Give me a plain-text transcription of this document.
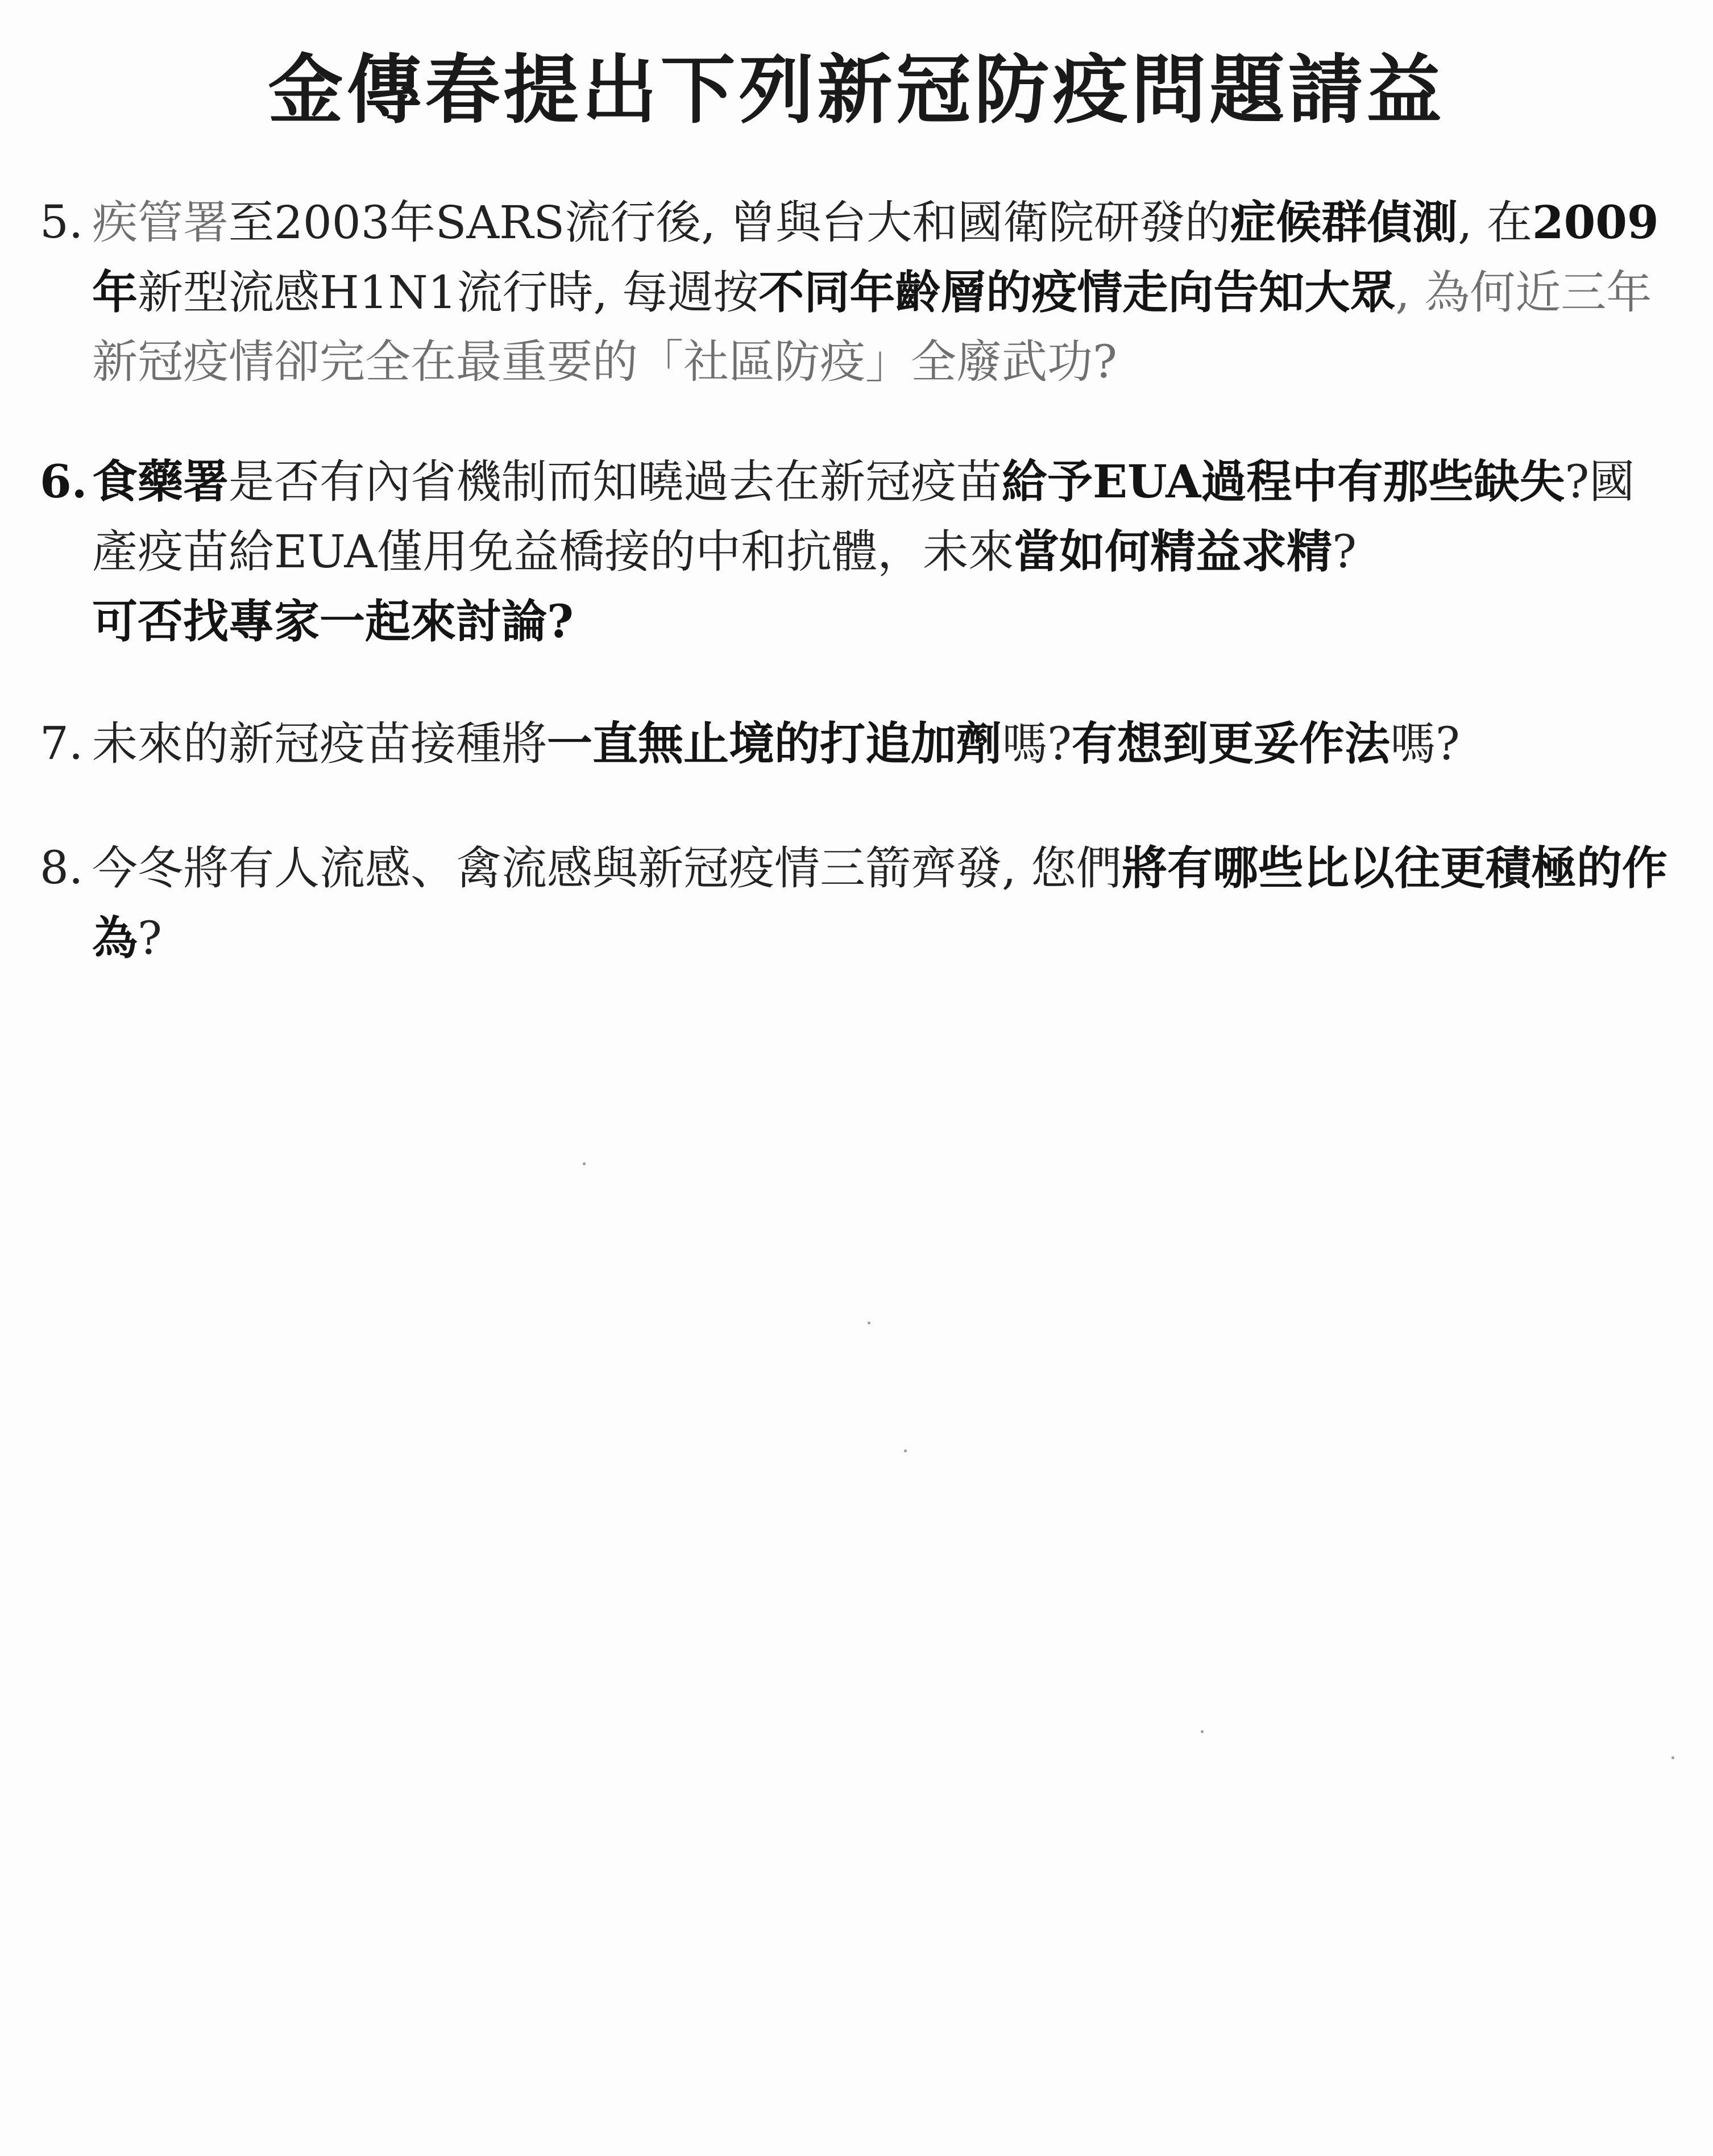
金傳春提出下列新冠防疫問題請益
5. 疾管署至2003年SARS流行後, 曾與台大和國衛院研發的症候群偵測, 在2009年新型流感H1N1流行時, 每週按不同年齡層的疫情走向告知大眾, 為何近三年新冠疫情卻完全在最重要的「社區防疫」全廢武功?
6. 食藥署是否有內省機制而知曉過去在新冠疫苗給予EUA過程中有那些缺失?國產疫苗給EUA僅用免益橋接的中和抗體，未來當如何精益求精?
可否找專家一起來討論?
7. 未來的新冠疫苗接種將一直無止境的打追加劑嗎?有想到更妥作法嗎?
8. 今冬將有人流感、禽流感與新冠疫情三箭齊發, 您們將有哪些比以往更積極的作為?
